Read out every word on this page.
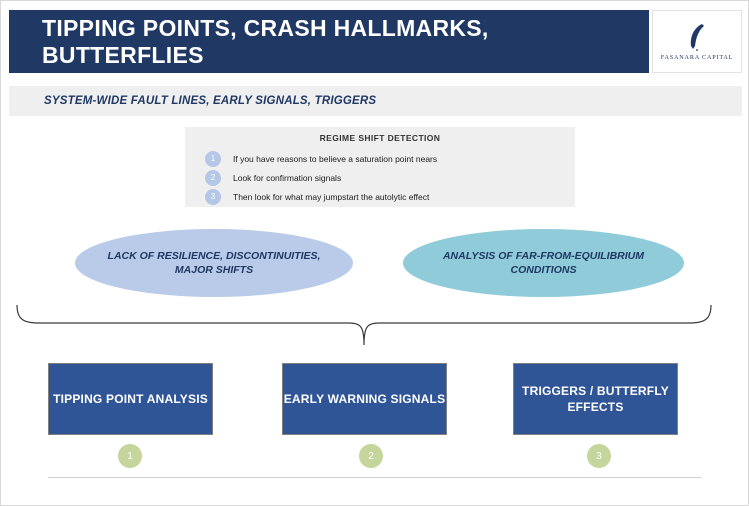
TIPPING POINTS, CRASH HALLMARKS, BUTTERFLIES	FASANARA CAPITAL
SYSTEM-WIDE FAULT LINES, EARLY SIGNALS, TRIGGERS
REGIME SHIFT DETECTION
1	If you have reasons to believe a saturation point nears
2	Look for confirmation signals
3	Then look for what may jumpstart the autolytic effect
LACK OF RESILIENCE, DISCONTINUITIES, MAJOR SHIFTS
ANALYSIS OF FAR-FROM-EQUILIBRIUM CONDITIONS
TIPPING POINT ANALYSIS	EARLY WARNING SIGNALS
TRIGGERS / BUTTERFLY EFFECTS
1	2	3
